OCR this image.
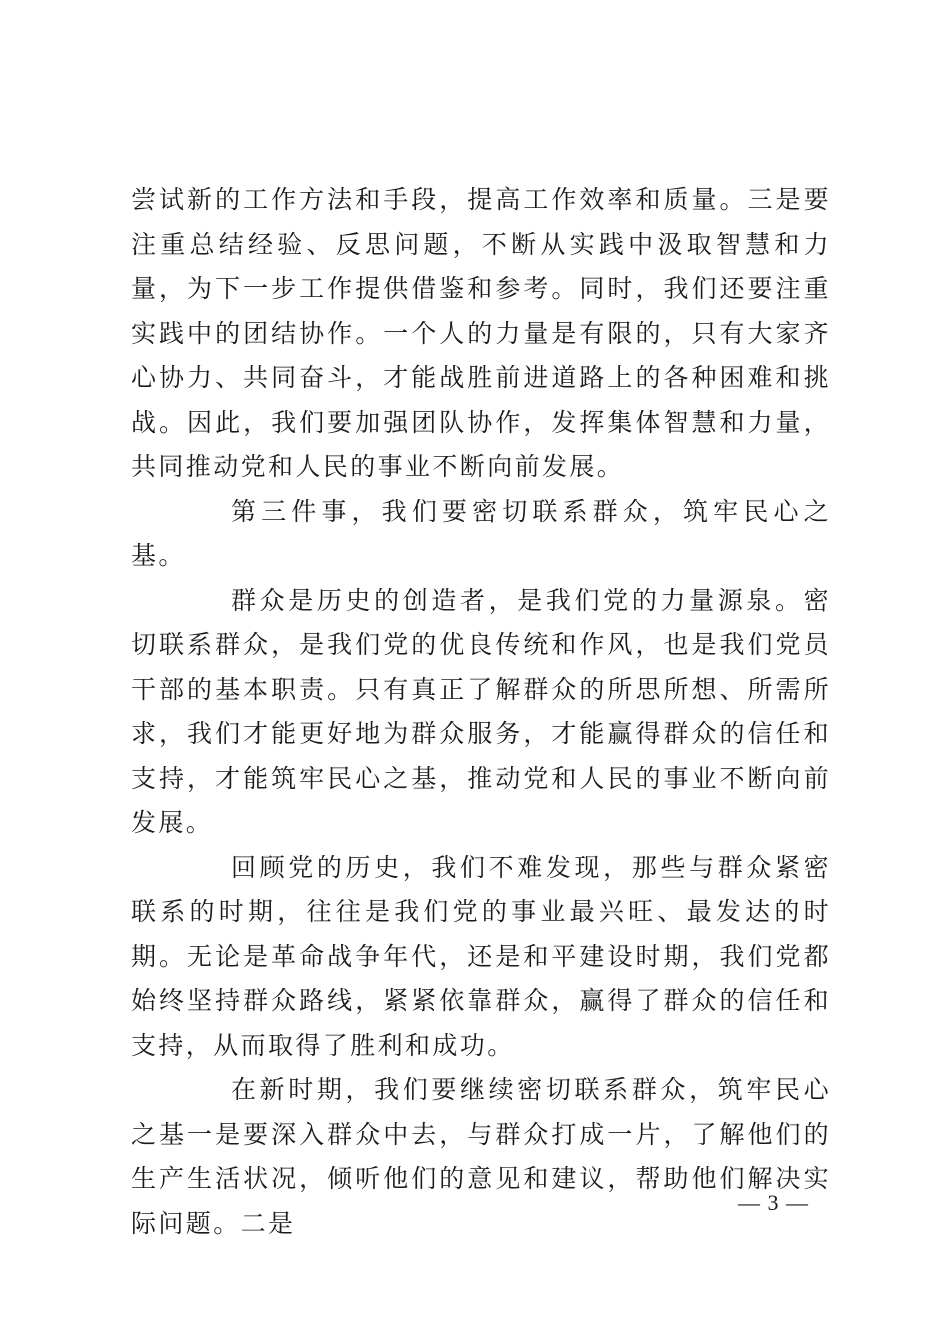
尝试新的工作方法和手段，提高工作效率和质量。三是要注重总结经验、反思问题，不断从实践中汲取智慧和力量，为下一步工作提供借鉴和参考。同时，我们还要注重实践中的团结协作。一个人的力量是有限的，只有大家齐心协力、共同奋斗，才能战胜前进道路上的各种困难和挑战。因此，我们要加强团队协作，发挥集体智慧和力量，共同推动党和人民的事业不断向前发展。

第三件事，我们要密切联系群众，筑牢民心之基。

群众是历史的创造者，是我们党的力量源泉。密切联系群众，是我们党的优良传统和作风，也是我们党员干部的基本职责。只有真正了解群众的所思所想、所需所求，我们才能更好地为群众服务，才能赢得群众的信任和支持，才能筑牢民心之基，推动党和人民的事业不断向前发展。

回顾党的历史，我们不难发现，那些与群众紧密联系的时期，往往是我们党的事业最兴旺、最发达的时期。无论是革命战争年代，还是和平建设时期，我们党都始终坚持群众路线，紧紧依靠群众，赢得了群众的信任和支持，从而取得了胜利和成功。

在新时期，我们要继续密切联系群众，筑牢民心之基一是要深入群众中去，与群众打成一片，了解他们的生产生活状况，倾听他们的意见和建议，帮助他们解决实际问题。二是

— 3 —
